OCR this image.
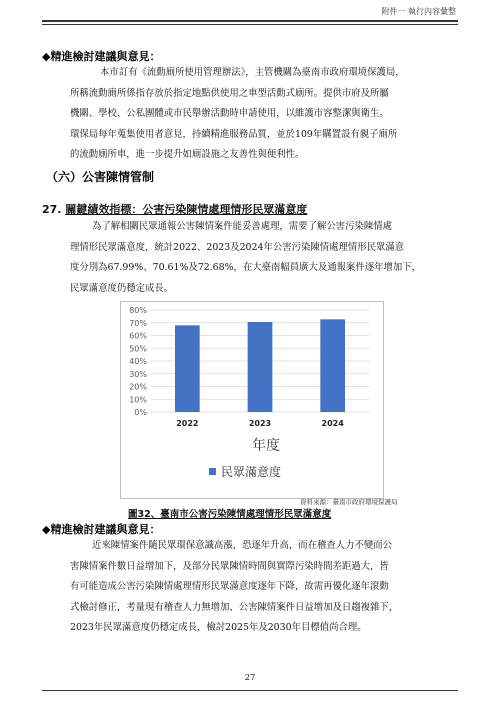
附件一 執行內容彙整
◆精進檢討建議與意見：

本市訂有《流動廁所使用管理辦法》，主管機關為臺南市政府環境保護局，

所稱流動廁所係指存放於指定地點供使用之車型活動式廁所。提供市府及所屬

機關、學校、公私團體或市民舉辦活動時申請使用，以維護市容整潔與衛生。

環保局每年蒐集使用者意見，持續精進服務品質，並於109年購置設有親子廁所

的流動廁所車，進一步提升如廁設施之友善性與便利性。

（六）公害陳情管制
27. 關鍵績效指標：公害污染陳情處理情形民眾滿意度

為了解相關民眾通報公害陳情案件能妥善處理，需要了解公害污染陳情處

理情形民眾滿意度，統計2022、2023及2024年公害污染陳情處理情形民眾滿意

度分別為67.99%、70.61%及72.68%，在大臺南幅員廣大及通報案件逐年增加下，

民眾滿意度仍穩定成長。

0%
10%
20%
30%
40%
50%
60%
70%
80%
2022	2023	2024
年度
民眾滿意度
資料來源：臺南市政府環境保護局
圖32、臺南市公害污染陳情處理情形民眾滿意度
◆精進檢討建議與意見：

近來陳情案件隨民眾環保意識高漲，恐逐年升高，而在稽查人力不變而公

害陳情案件數日益增加下，及部分民眾陳情時間與實際污染時間差距過大，皆

有可能造成公害污染陳情處理情形民眾滿意度逐年下降，故需再優化逐年滾動

式檢討修正，考量現有稽查人力無增加、公害陳情案件日益增加及日趨複雜下，

2023年民眾滿意度仍穩定成長，檢討2025年及2030年目標值尚合理。

27
